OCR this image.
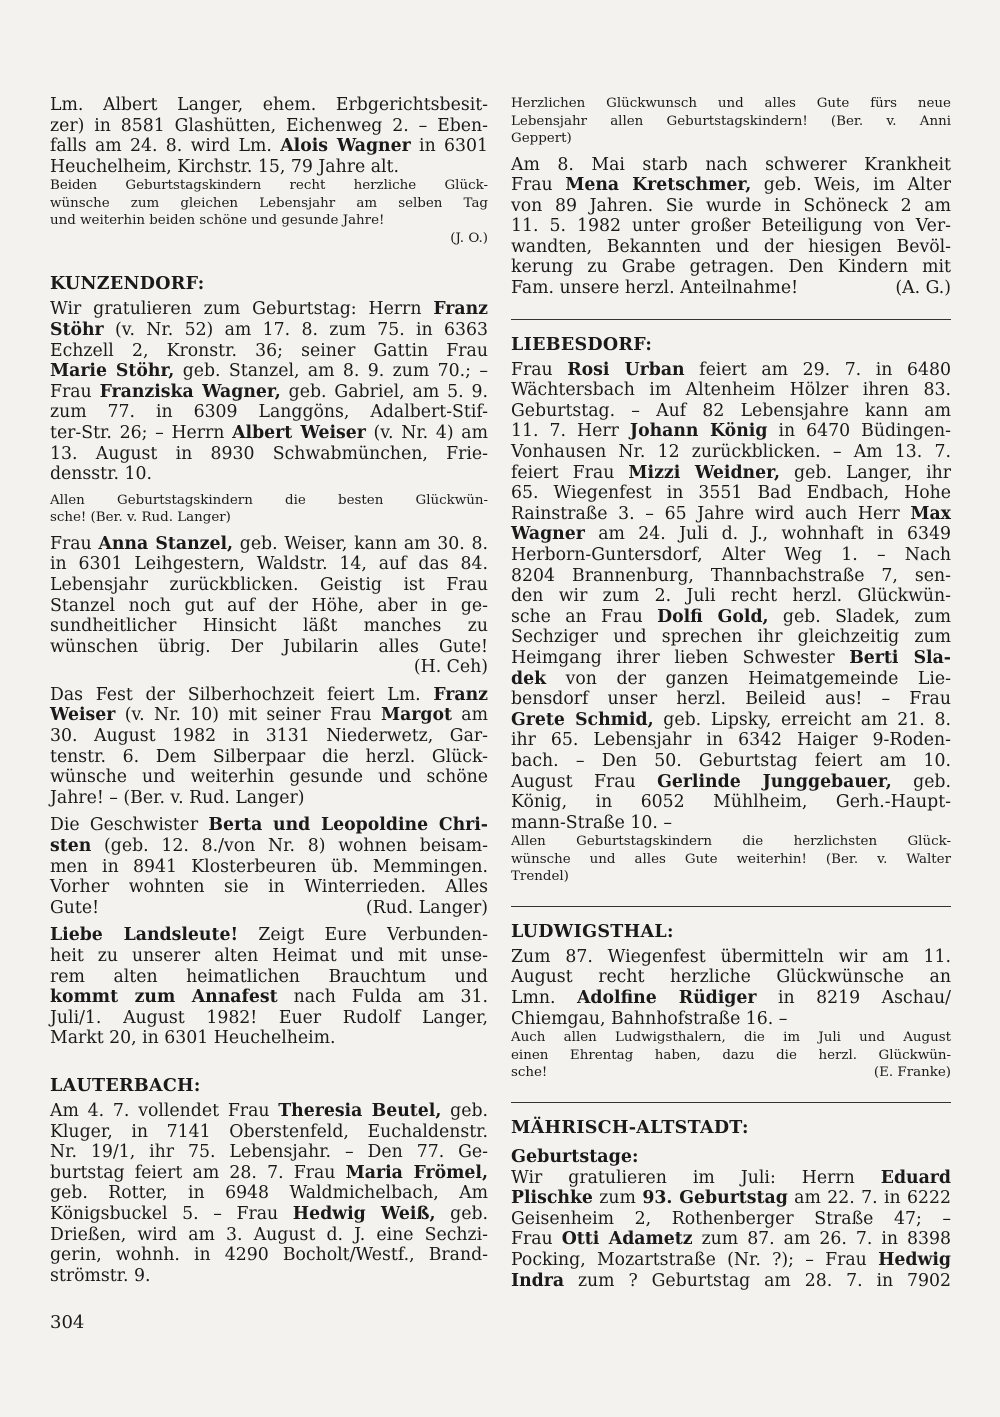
Lm. Albert Langer, ehem. Erbgerichtsbesit-
zer) in 8581 Glashütten, Eichenweg 2. – Eben-
falls am 24. 8. wird Lm. Alois Wagner in 6301
Heuchelheim, Kirchstr. 15, 79 Jahre alt.

Beiden Geburtstagskindern recht herzliche Glück-
wünsche zum gleichen Lebensjahr am selben Tag
und weiterhin beiden schöne und gesunde Jahre!

(J. O.)

KUNZENDORF:

Wir gratulieren zum Geburtstag: Herrn Franz
Stöhr (v. Nr. 52) am 17. 8. zum 75. in 6363
Echzell 2, Kronstr. 36; seiner Gattin Frau
Marie Stöhr, geb. Stanzel, am 8. 9. zum 70.; –
Frau Franziska Wagner, geb. Gabriel, am 5. 9.
zum 77. in 6309 Langgöns, Adalbert-Stif-
ter-Str. 26; – Herrn Albert Weiser (v. Nr. 4) am
13. August in 8930 Schwabmünchen, Frie-
densstr. 10.

Allen Geburtstagskindern die besten Glückwün-
sche! (Ber. v. Rud. Langer)

Frau Anna Stanzel, geb. Weiser, kann am 30. 8.
in 6301 Leihgestern, Waldstr. 14, auf das 84.
Lebensjahr zurückblicken. Geistig ist Frau
Stanzel noch gut auf der Höhe, aber in ge-
sundheitlicher Hinsicht läßt manches zu
wünschen übrig. Der Jubilarin alles Gute!
(H. Ceh)

Das Fest der Silberhochzeit feiert Lm. Franz
Weiser (v. Nr. 10) mit seiner Frau Margot am
30. August 1982 in 3131 Niederwetz, Gar-
tenstr. 6. Dem Silberpaar die herzl. Glück-
wünsche und weiterhin gesunde und schöne
Jahre! – (Ber. v. Rud. Langer)

Die Geschwister Berta und Leopoldine Chri-
sten (geb. 12. 8./von Nr. 8) wohnen beisam-
men in 8941 Klosterbeuren üb. Memmingen.
Vorher wohnten sie in Winterrieden. Alles
Gute!	(Rud. Langer)

Liebe Landsleute! Zeigt Eure Verbunden-
heit zu unserer alten Heimat und mit unse-
rem alten heimatlichen Brauchtum und
kommt zum Annafest nach Fulda am 31.
Juli/1. August 1982! Euer Rudolf Langer,
Markt 20, in 6301 Heuchelheim.

LAUTERBACH:

Am 4. 7. vollendet Frau Theresia Beutel, geb.
Kluger, in 7141 Oberstenfeld, Euchaldenstr.
Nr. 19/1, ihr 75. Lebensjahr. – Den 77. Ge-
burtstag feiert am 28. 7. Frau Maria Frömel,
geb. Rotter, in 6948 Waldmichelbach, Am
Königsbuckel 5. – Frau Hedwig Weiß, geb.
Drießen, wird am 3. August d. J. eine Sechzi-
gerin, wohnh. in 4290 Bocholt/Westf., Brand-
strömstr. 9.

Herzlichen Glückwunsch und alles Gute fürs neue
Lebensjahr allen Geburtstagskindern! (Ber. v. Anni
Geppert)

Am 8. Mai starb nach schwerer Krankheit
Frau Mena Kretschmer, geb. Weis, im Alter
von 89 Jahren. Sie wurde in Schöneck 2 am
11. 5. 1982 unter großer Beteiligung von Ver-
wandten, Bekannten und der hiesigen Bevöl-
kerung zu Grabe getragen. Den Kindern mit
Fam. unsere herzl. Anteilnahme!	(A. G.)

LIEBESDORF:

Frau Rosi Urban feiert am 29. 7. in 6480
Wächtersbach im Altenheim Hölzer ihren 83.
Geburtstag. – Auf 82 Lebensjahre kann am
11. 7. Herr Johann König in 6470 Büdingen-
Vonhausen Nr. 12 zurückblicken. – Am 13. 7.
feiert Frau Mizzi Weidner, geb. Langer, ihr
65. Wiegenfest in 3551 Bad Endbach, Hohe
Rainstraße 3. – 65 Jahre wird auch Herr Max
Wagner am 24. Juli d. J., wohnhaft in 6349
Herborn-Guntersdorf, Alter Weg 1. – Nach
8204 Brannenburg, Thannbachstraße 7, sen-
den wir zum 2. Juli recht herzl. Glückwün-
sche an Frau Dolfi Gold, geb. Sladek, zum
Sechziger und sprechen ihr gleichzeitig zum
Heimgang ihrer lieben Schwester Berti Sla-
dek von der ganzen Heimatgemeinde Lie-
bensdorf unser herzl. Beileid aus! – Frau
Grete Schmid, geb. Lipsky, erreicht am 21. 8.
ihr 65. Lebensjahr in 6342 Haiger 9-Roden-
bach. – Den 50. Geburtstag feiert am 10.
August Frau Gerlinde Junggebauer, geb.
König, in 6052 Mühlheim, Gerh.-Haupt-
mann-Straße 10. –

Allen Geburtstagskindern die herzlichsten Glück-
wünsche und alles Gute weiterhin! (Ber. v. Walter
Trendel)

LUDWIGSTHAL:

Zum 87. Wiegenfest übermitteln wir am 11.
August recht herzliche Glückwünsche an
Lmn. Adolfine Rüdiger in 8219 Aschau/
Chiemgau, Bahnhofstraße 16. –

Auch allen Ludwigsthalern, die im Juli und August
einen Ehrentag haben, dazu die herzl. Glückwün-
sche!	(E. Franke)

MÄHRISCH-ALTSTADT:

Geburtstage:

Wir gratulieren im Juli: Herrn Eduard
Plischke zum 93. Geburtstag am 22. 7. in 6222
Geisenheim 2, Rothenberger Straße 47; –
Frau Otti Adametz zum 87. am 26. 7. in 8398
Pocking, Mozartstraße (Nr. ?); – Frau Hedwig
Indra zum ? Geburtstag am 28. 7. in 7902

304
